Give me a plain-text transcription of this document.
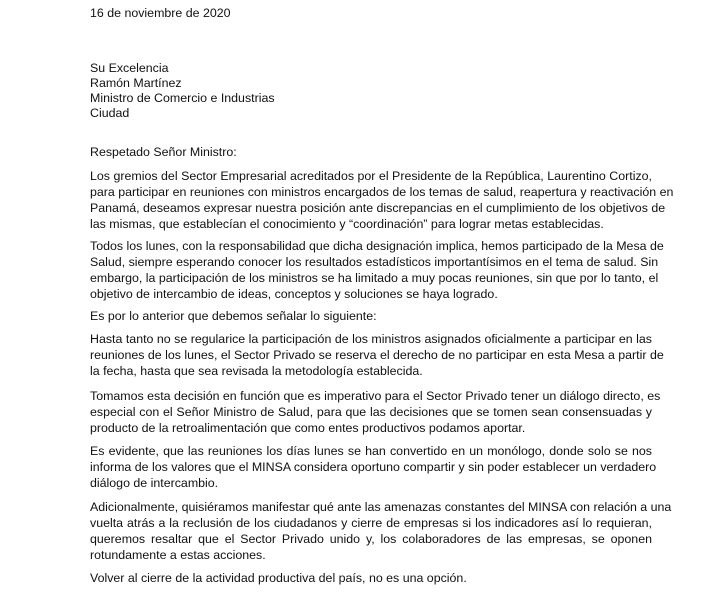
16 de noviembre de 2020
Su Excelencia
Ramón Martínez
Ministro de Comercio e Industrias
Ciudad
Respetado Señor Ministro:
Los gremios del Sector Empresarial acreditados por el Presidente de la República, Laurentino Cortizo,
para participar en reuniones con ministros encargados de los temas de salud, reapertura y reactivación en
Panamá, deseamos expresar nuestra posición ante discrepancias en el cumplimiento de los objetivos de
las mismas, que establecían el conocimiento y “coordinación” para lograr metas establecidas.
Todos los lunes, con la responsabilidad que dicha designación implica, hemos participado de la Mesa de
Salud, siempre esperando conocer los resultados estadísticos importantísimos en el tema de salud. Sin
embargo, la participación de los ministros se ha limitado a muy pocas reuniones, sin que por lo tanto, el
objetivo de intercambio de ideas, conceptos y soluciones se haya logrado.
Es por lo anterior que debemos señalar lo siguiente:
Hasta tanto no se regularice la participación de los ministros asignados oficialmente a participar en las
reuniones de los lunes, el Sector Privado se reserva el derecho de no participar en esta Mesa a partir de
la fecha, hasta que sea revisada la metodología establecida.
Tomamos esta decisión en función que es imperativo para el Sector Privado tener un diálogo directo, es
especial con el Señor Ministro de Salud, para que las decisiones que se tomen sean consensuadas y
producto de la retroalimentación que como entes productivos podamos aportar.
Es evidente, que las reuniones los días lunes se han convertido en un monólogo, donde solo se nos
informa de los valores que el MINSA considera oportuno compartir y sin poder establecer un verdadero
diálogo de intercambio.
Adicionalmente, quisiéramos manifestar qué ante las amenazas constantes del MINSA con relación a una
vuelta atrás a la reclusión de los ciudadanos y cierre de empresas si los indicadores así lo requieran,
queremos resaltar que el Sector Privado unido y, los colaboradores de las empresas, se oponen
rotundamente a estas acciones.
Volver al cierre de la actividad productiva del país, no es una opción.
